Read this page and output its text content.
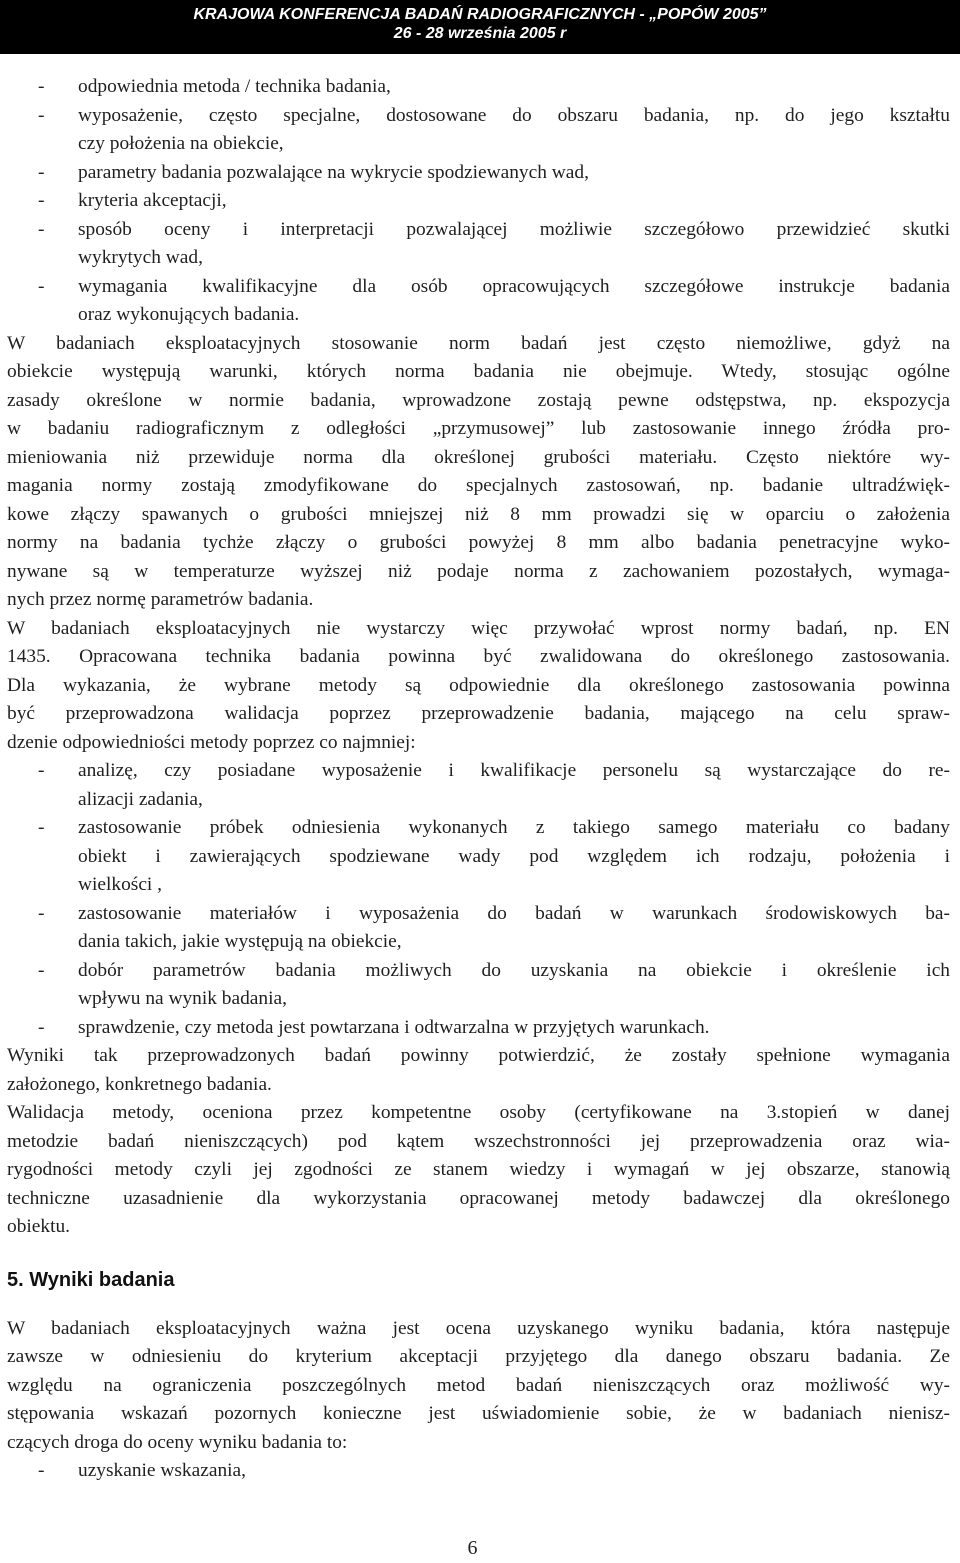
KRAJOWA KONFERENCJA BADAŃ RADIOGRAFICZNYCH - „POPÓW 2005”
26 - 28 września 2005 r
- odpowiednia metoda / technika badania,
- wyposażenie, często specjalne, dostosowane do obszaru badania, np. do jego kształtu
czy położenia na obiekcie,
- parametry badania pozwalające na wykrycie spodziewanych wad,
- kryteria akceptacji,
- sposób oceny i interpretacji pozwalającej możliwie szczegółowo przewidzieć skutki
wykrytych wad,
- wymagania kwalifikacyjne dla osób opracowujących szczegółowe instrukcje badania
oraz wykonujących badania.
W badaniach eksploatacyjnych stosowanie norm badań jest często niemożliwe, gdyż na
obiekcie występują warunki, których norma badania nie obejmuje. Wtedy, stosując ogólne
zasady określone w normie badania, wprowadzone zostają pewne odstępstwa, np. ekspozycja
w badaniu radiograficznym z odległości „przymusowej” lub zastosowanie innego źródła pro-
mieniowania niż przewiduje norma dla określonej grubości materiału. Często niektóre wy-
magania normy zostają zmodyfikowane do specjalnych zastosowań, np. badanie ultradźwięk-
kowe złączy spawanych o grubości mniejszej niż 8 mm prowadzi się w oparciu o założenia
normy na badania tychże złączy o grubości powyżej 8 mm albo badania penetracyjne wyko-
nywane są w temperaturze wyższej niż podaje norma z zachowaniem pozostałych, wymaga-
nych przez normę parametrów badania.
W badaniach eksploatacyjnych nie wystarczy więc przywołać wprost normy badań, np. EN
1435. Opracowana technika badania powinna być zwalidowana do określonego zastosowania.
Dla wykazania, że wybrane metody są odpowiednie dla określonego zastosowania powinna
być przeprowadzona walidacja poprzez przeprowadzenie badania, mającego na celu spraw-
dzenie odpowiedniości metody poprzez co najmniej:
- analizę, czy posiadane wyposażenie i kwalifikacje personelu są wystarczające do re-
alizacji zadania,
- zastosowanie próbek odniesienia wykonanych z takiego samego materiału co badany
obiekt i zawierających spodziewane wady pod względem ich rodzaju, położenia i
wielkości ,
- zastosowanie materiałów i wyposażenia do badań w warunkach środowiskowych ba-
dania takich, jakie występują na obiekcie,
- dobór parametrów badania możliwych do uzyskania na obiekcie i określenie ich
wpływu na wynik badania,
- sprawdzenie, czy metoda jest powtarzana i odtwarzalna w przyjętych warunkach.
Wyniki tak przeprowadzonych badań powinny potwierdzić, że zostały spełnione wymagania
założonego, konkretnego badania.
Walidacja metody, oceniona przez kompetentne osoby (certyfikowane na 3.stopień w danej
metodzie badań nieniszczących) pod kątem wszechstronności jej przeprowadzenia oraz wia-
rygodności metody czyli jej zgodności ze stanem wiedzy i wymagań w jej obszarze, stanowią
techniczne uzasadnienie dla wykorzystania opracowanej metody badawczej dla określonego
obiektu.
5. Wyniki badania
W badaniach eksploatacyjnych ważna jest ocena uzyskanego wyniku badania, która następuje
zawsze w odniesieniu do kryterium akceptacji przyjętego dla danego obszaru badania. Ze
względu na ograniczenia poszczególnych metod badań nieniszczących oraz możliwość wy-
stępowania wskazań pozornych konieczne jest uświadomienie sobie, że w badaniach nienisz-
czących droga do oceny wyniku badania to:
- uzyskanie wskazania,
6
